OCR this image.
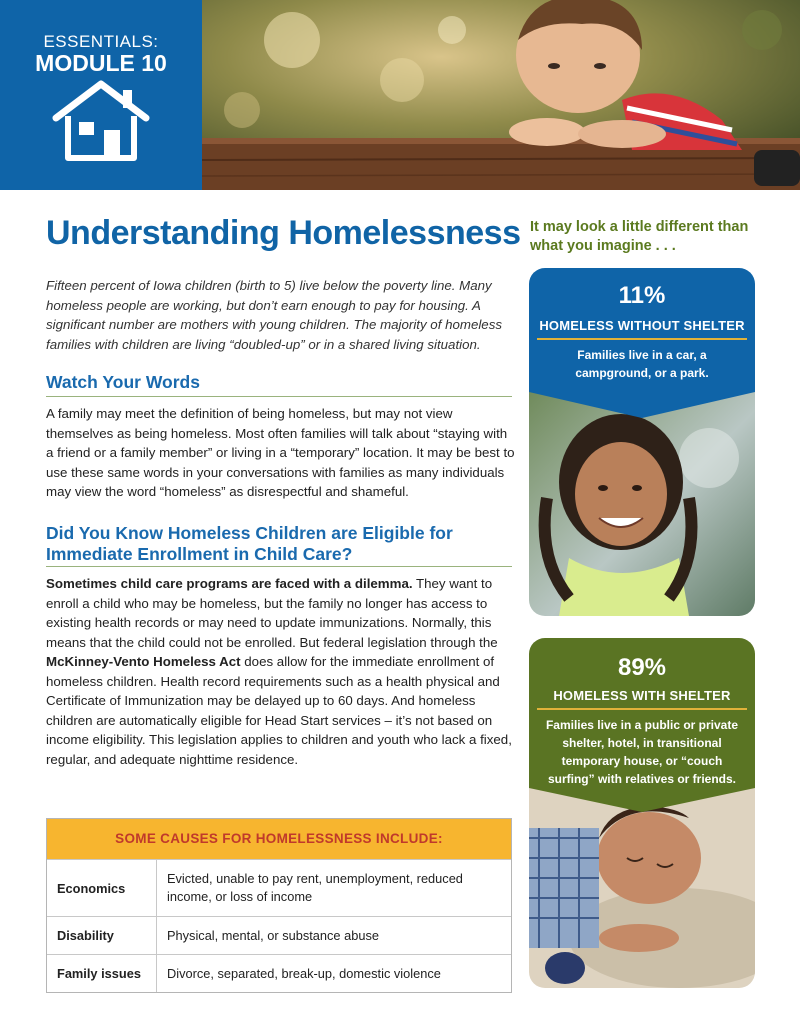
ESSENTIALS:
MODULE 10
Understanding Homelessness

Fifteen percent of Iowa children (birth to 5) live below the poverty line. Many homeless people are working, but don’t earn enough to pay for housing. A significant number are mothers with young children. The majority of homeless families with children are living “doubled-up” or in a shared living situation.

Watch Your Words

A family may meet the definition of being homeless, but may not view themselves as being homeless. Most often families will talk about “staying with a friend or a family member” or living in a “temporary” location. It may be best to use these same words in your conversations with families as many individuals may view the word “homeless” as disrespectful and shameful.

Did You Know Homeless Children are Eligible for Immediate Enrollment in Child Care?

Sometimes child care programs are faced with a dilemma. They want to enroll a child who may be homeless, but the family no longer has access to existing health records or may need to update immunizations. Normally, this means that the child could not be enrolled. But federal legislation through the McKinney-Vento Homeless Act does allow for the immediate enrollment of homeless children. Health record requirements such as a health physical and Certificate of Immunization may be delayed up to 60 days. And homeless children are automatically eligible for Head Start services – it’s not based on income eligibility. This legislation applies to children and youth who lack a fixed, regular, and adequate nighttime residence.

SOME CAUSES FOR HOMELESSNESS INCLUDE:
Economics
Evicted, unable to pay rent, unemployment, reduced income, or loss of income
Disability	Physical, mental, or substance abuse
Family issues	Divorce, separated, break-up, domestic violence
It may look a little different than what you imagine . . .
11%
HOMELESS WITHOUT SHELTER
Families live in a car, a campground, or a park.
89%
HOMELESS WITH SHELTER
Families live in a public or private shelter, hotel, in transitional temporary house, or “couch surfing” with relatives or friends.
